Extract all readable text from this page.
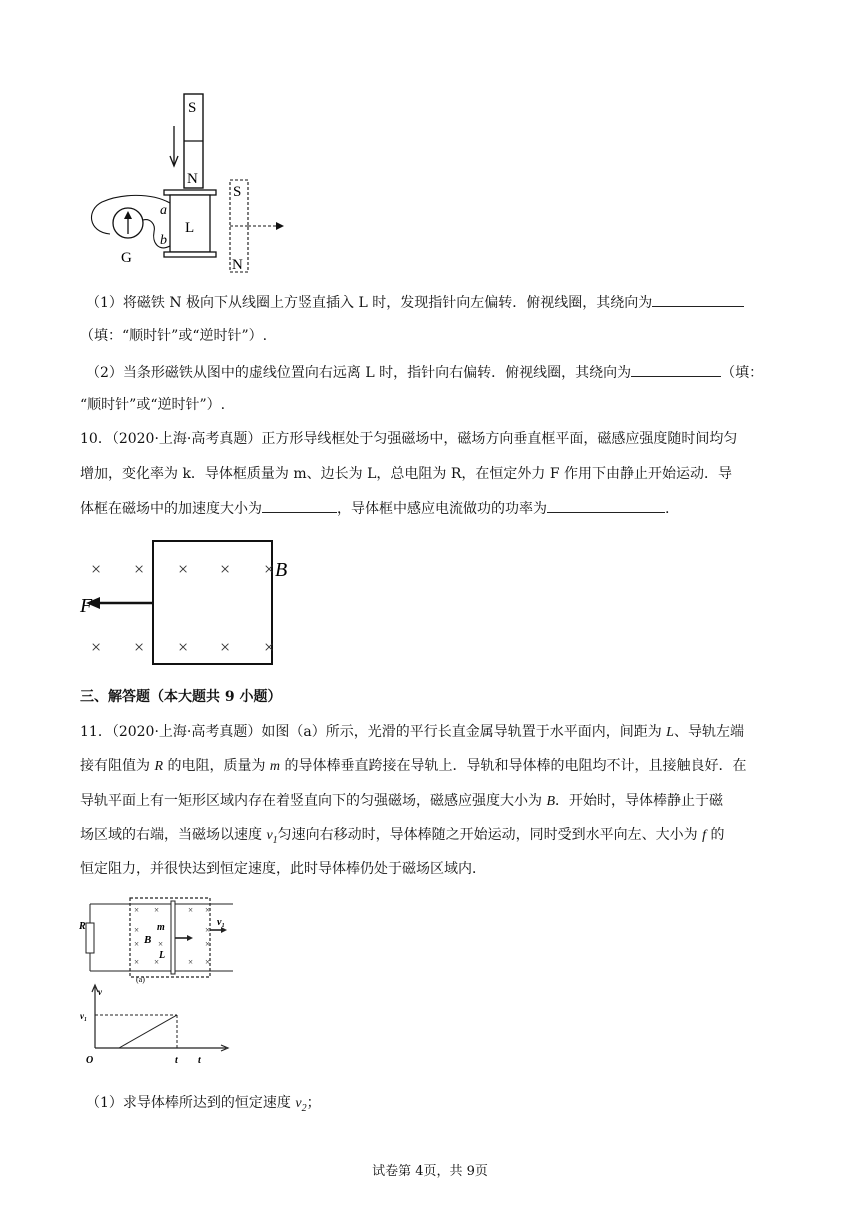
S
N
L
a
b
G
S
N
（1）将磁铁 N 极向下从线圈上方竖直插入 L 时，发现指针向左偏转．俯视线圈，其绕向为
（填：“顺时针”或“逆时针”）.
（2）当条形磁铁从图中的虚线位置向右远离 L 时，指针向右偏转．俯视线圈，其绕向为	（填：
“顺时针”或“逆时针”）.
10．（2020·上海·高考真题）正方形导线框处于匀强磁场中，磁场方向垂直框平面，磁感应强度随时间均匀
增加，变化率为 k．导体框质量为 m、边长为 L，总电阻为 R，在恒定外力 F 作用下由静止开始运动．导
体框在磁场中的加速度大小为	，导体框中感应电流做功的功率为	.
× × × × ×
× × × × ×
B
F
三、解答题（本大题共 9 小题）
11．（2020·上海·高考真题）如图（a）所示，光滑的平行长直金属导轨置于水平面内，间距为 L、导轨左端
接有阻值为 R 的电阻，质量为 m 的导体棒垂直跨接在导轨上．导轨和导体棒的电阻均不计，且接触良好．在
导轨平面上有一矩形区域内存在着竖直向下的匀强磁场，磁感应强度大小为 B．开始时，导体棒静止于磁
场区域的右端，当磁场以速度 $v_1$匀速向右移动时，导体棒随之开始运动，同时受到水平向左、大小为 f 的
恒定阻力，并很快达到恒定速度，此时导体棒仍处于磁场区域内．
R
× ×	× ×
×	×
× ×	×
× ×	× ×
B
m
L
v₁
(a)
v
v₁
O	t t
（1）求导体棒所达到的恒定速度 $v_2$；
试卷第 4页，共 9页
